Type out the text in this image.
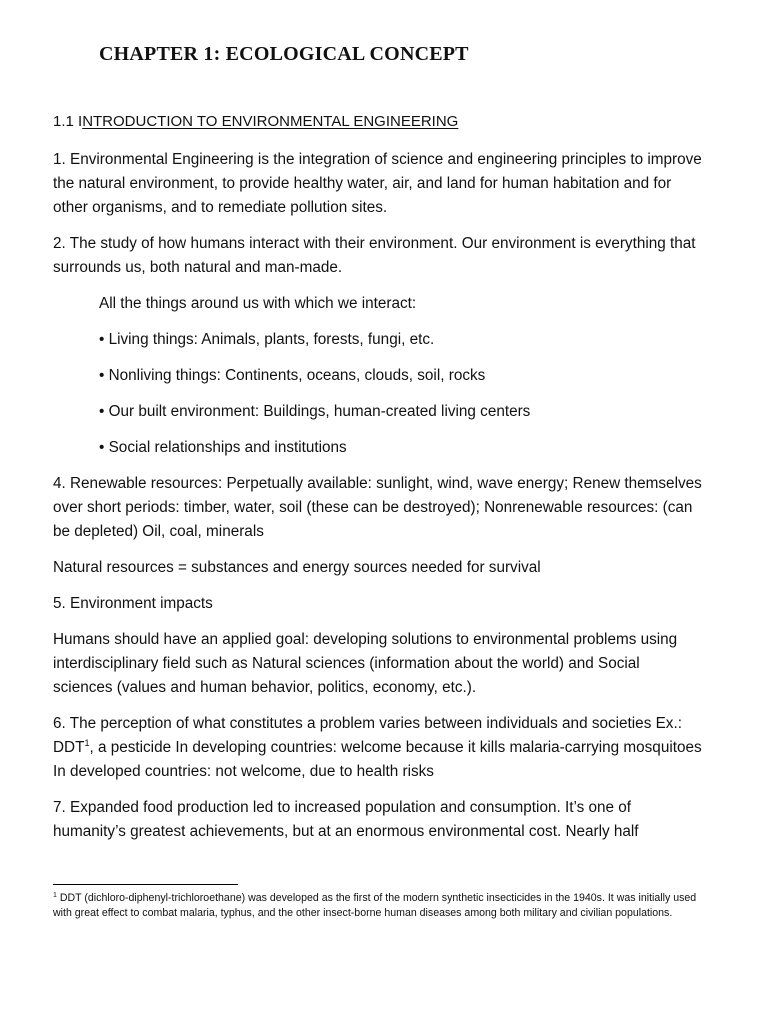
CHAPTER 1: ECOLOGICAL CONCEPT
1.1 INTRODUCTION TO ENVIRONMENTAL ENGINEERING

1. Environmental Engineering is the integration of science and engineering principles to improve the natural environment, to provide healthy water, air, and land for human habitation and for other organisms, and to remediate pollution sites.

2. The study of how humans interact with their environment. Our environment is everything that surrounds us, both natural and man-made.

All the things around us with which we interact:

• Living things: Animals, plants, forests, fungi, etc.

• Nonliving things: Continents, oceans, clouds, soil, rocks

• Our built environment: Buildings, human-created living centers

• Social relationships and institutions

4. Renewable resources: Perpetually available: sunlight, wind, wave energy; Renew themselves over short periods: timber, water, soil (these can be destroyed); Nonrenewable resources: (can be depleted) Oil, coal, minerals

Natural resources = substances and energy sources needed for survival

5. Environment impacts

Humans should have an applied goal: developing solutions to environmental problems using interdisciplinary field such as Natural sciences (information about the world) and Social sciences (values and human behavior, politics, economy, etc.).

6. The perception of what constitutes a problem varies between individuals and societies Ex.: DDT$^1$, a pesticide In developing countries: welcome because it kills malaria-carrying mosquitoes In developed countries: not welcome, due to health risks

7. Expanded food production led to increased population and consumption. It’s one of humanity’s greatest achievements, but at an enormous environmental cost. Nearly half

$^1$ DDT (dichloro-diphenyl-trichloroethane) was developed as the first of the modern synthetic insecticides in the 1940s. It was initially used with great effect to combat malaria, typhus, and the other insect-borne human diseases among both military and civilian populations.
